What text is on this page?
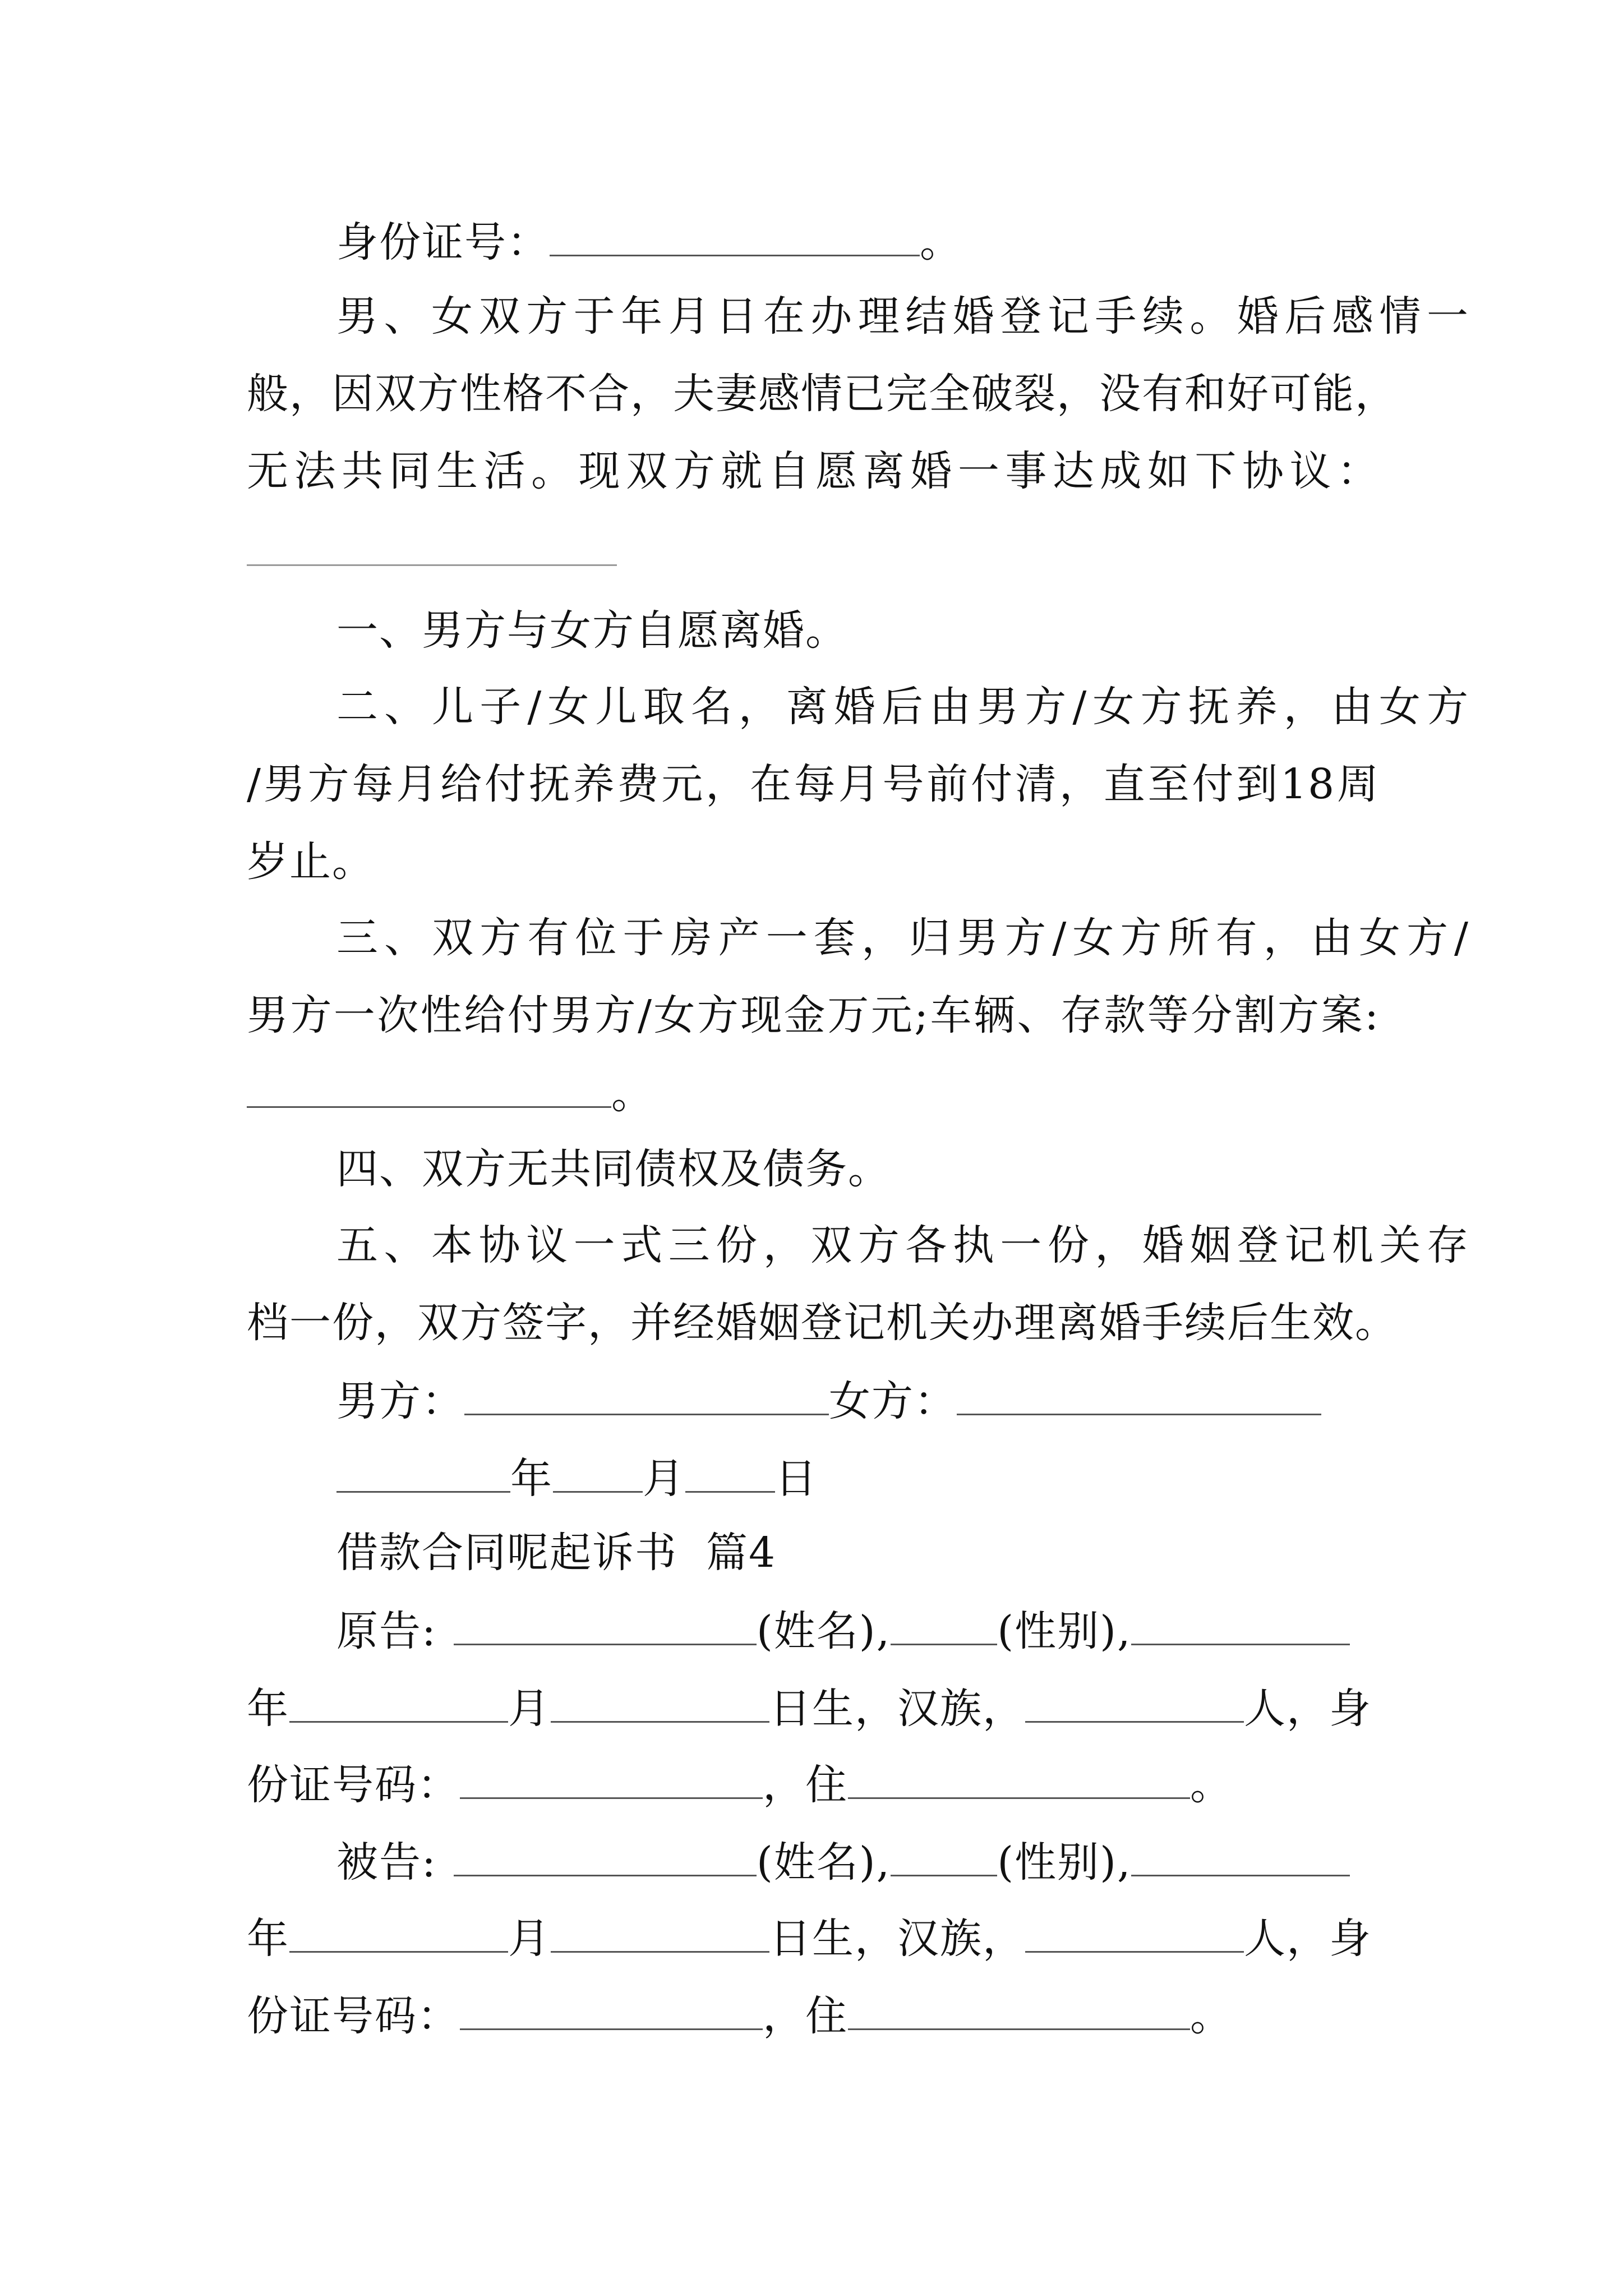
身份证号：	。
男、女双方于年月日在办理结婚登记手续。婚后感情一
般，因双方性格不合，夫妻感情已完全破裂，没有和好可能，
无法共同生活。现双方就自愿离婚一事达成如下协议：
一、男方与女方自愿离婚。
二、儿子/女儿取名，离婚后由男方/女方抚养，由女方
/男方每月给付抚养费元，在每月号前付清，直至付到18周
岁止。
三、双方有位于房产一套，归男方/女方所有，由女方/
男方一次性给付男方/女方现金万元;车辆、存款等分割方案:
。
四、双方无共同债权及债务。
五、本协议一式三份，双方各执一份，婚姻登记机关存
档一份，双方签字，并经婚姻登记机关办理离婚手续后生效。
男方：	女方：
年 月 日
借款合同呢起诉书  篇4
原告:	(姓名),	(性别),
年	月	日生，汉族，	人，身
份证号码：	，住	。
被告:	(姓名),	(性别),
年	月	日生，汉族，	人，身
份证号码：	，住	。
